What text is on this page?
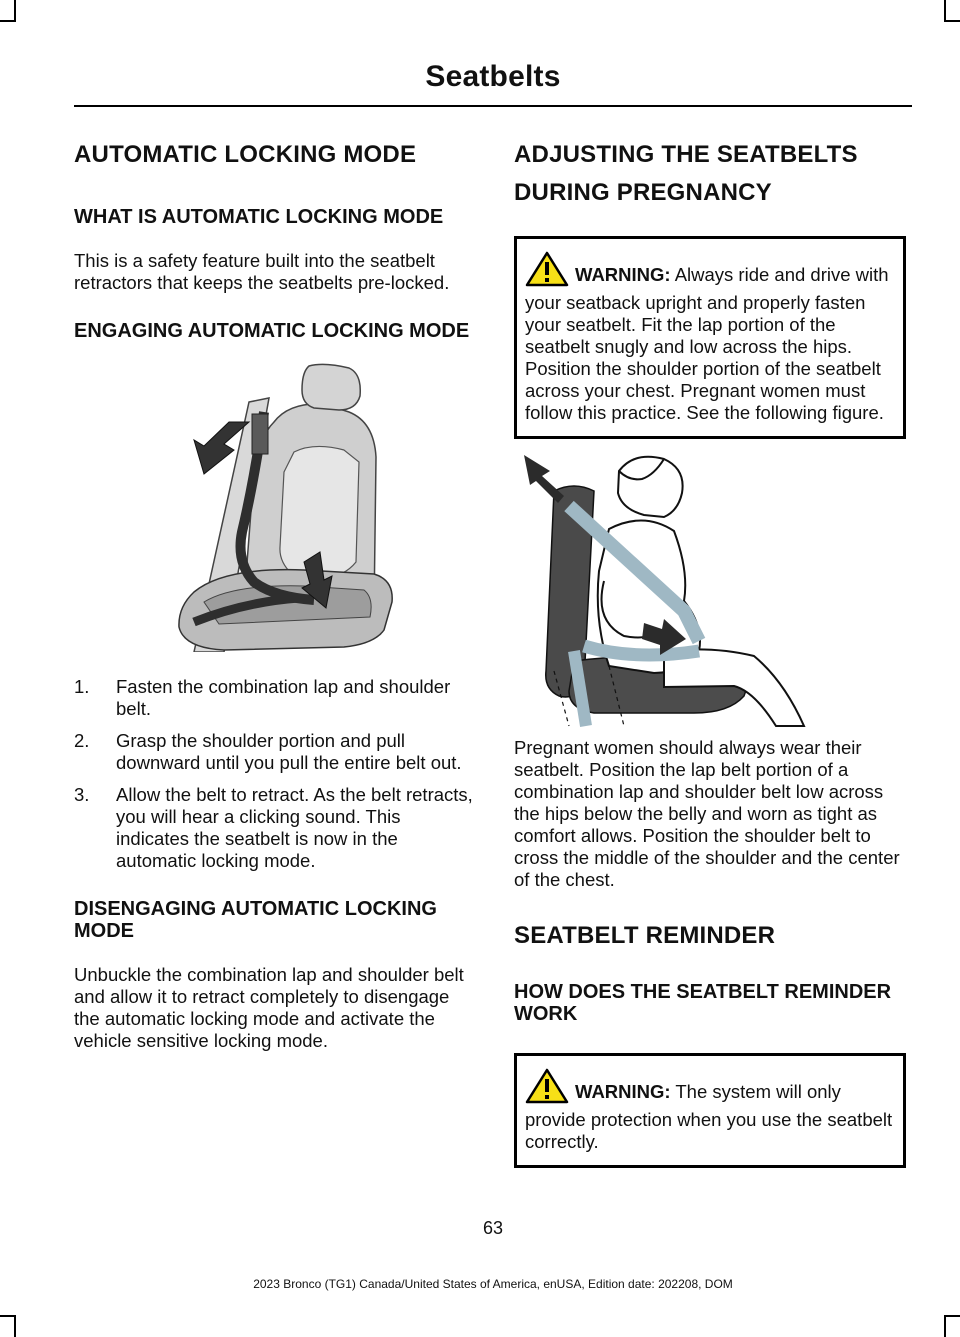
Seatbelts
AUTOMATIC LOCKING MODE
WHAT IS AUTOMATIC LOCKING MODE

This is a safety feature built into the seatbelt retractors that keeps the seatbelts pre-locked.

ENGAGING AUTOMATIC LOCKING MODE
1. Fasten the combination lap and shoulder belt.
2. Grasp the shoulder portion and pull downward until you pull the entire belt out.
3. Allow the belt to retract. As the belt retracts, you will hear a clicking sound. This indicates the seatbelt is now in the automatic locking mode.
DISENGAGING AUTOMATIC LOCKING MODE

Unbuckle the combination lap and shoulder belt and allow it to retract completely to disengage the automatic locking mode and activate the vehicle sensitive locking mode.

ADJUSTING THE SEATBELTS
DURING PREGNANCY
WARNING: Always ride and drive with your seatback upright and properly fasten your seatbelt. Fit the lap portion of the seatbelt snugly and low across the hips. Position the shoulder portion of the seatbelt across your chest. Pregnant women must follow this practice. See the following figure.

Pregnant women should always wear their seatbelt. Position the lap belt portion of a combination lap and shoulder belt low across the hips below the belly and worn as tight as comfort allows. Position the shoulder belt to cross the middle of the shoulder and the center of the chest.

SEATBELT REMINDER
HOW DOES THE SEATBELT REMINDER WORK
WARNING: The system will only provide protection when you use the seatbelt correctly.
63
2023 Bronco (TG1) Canada/United States of America, enUSA, Edition date: 202208, DOM
